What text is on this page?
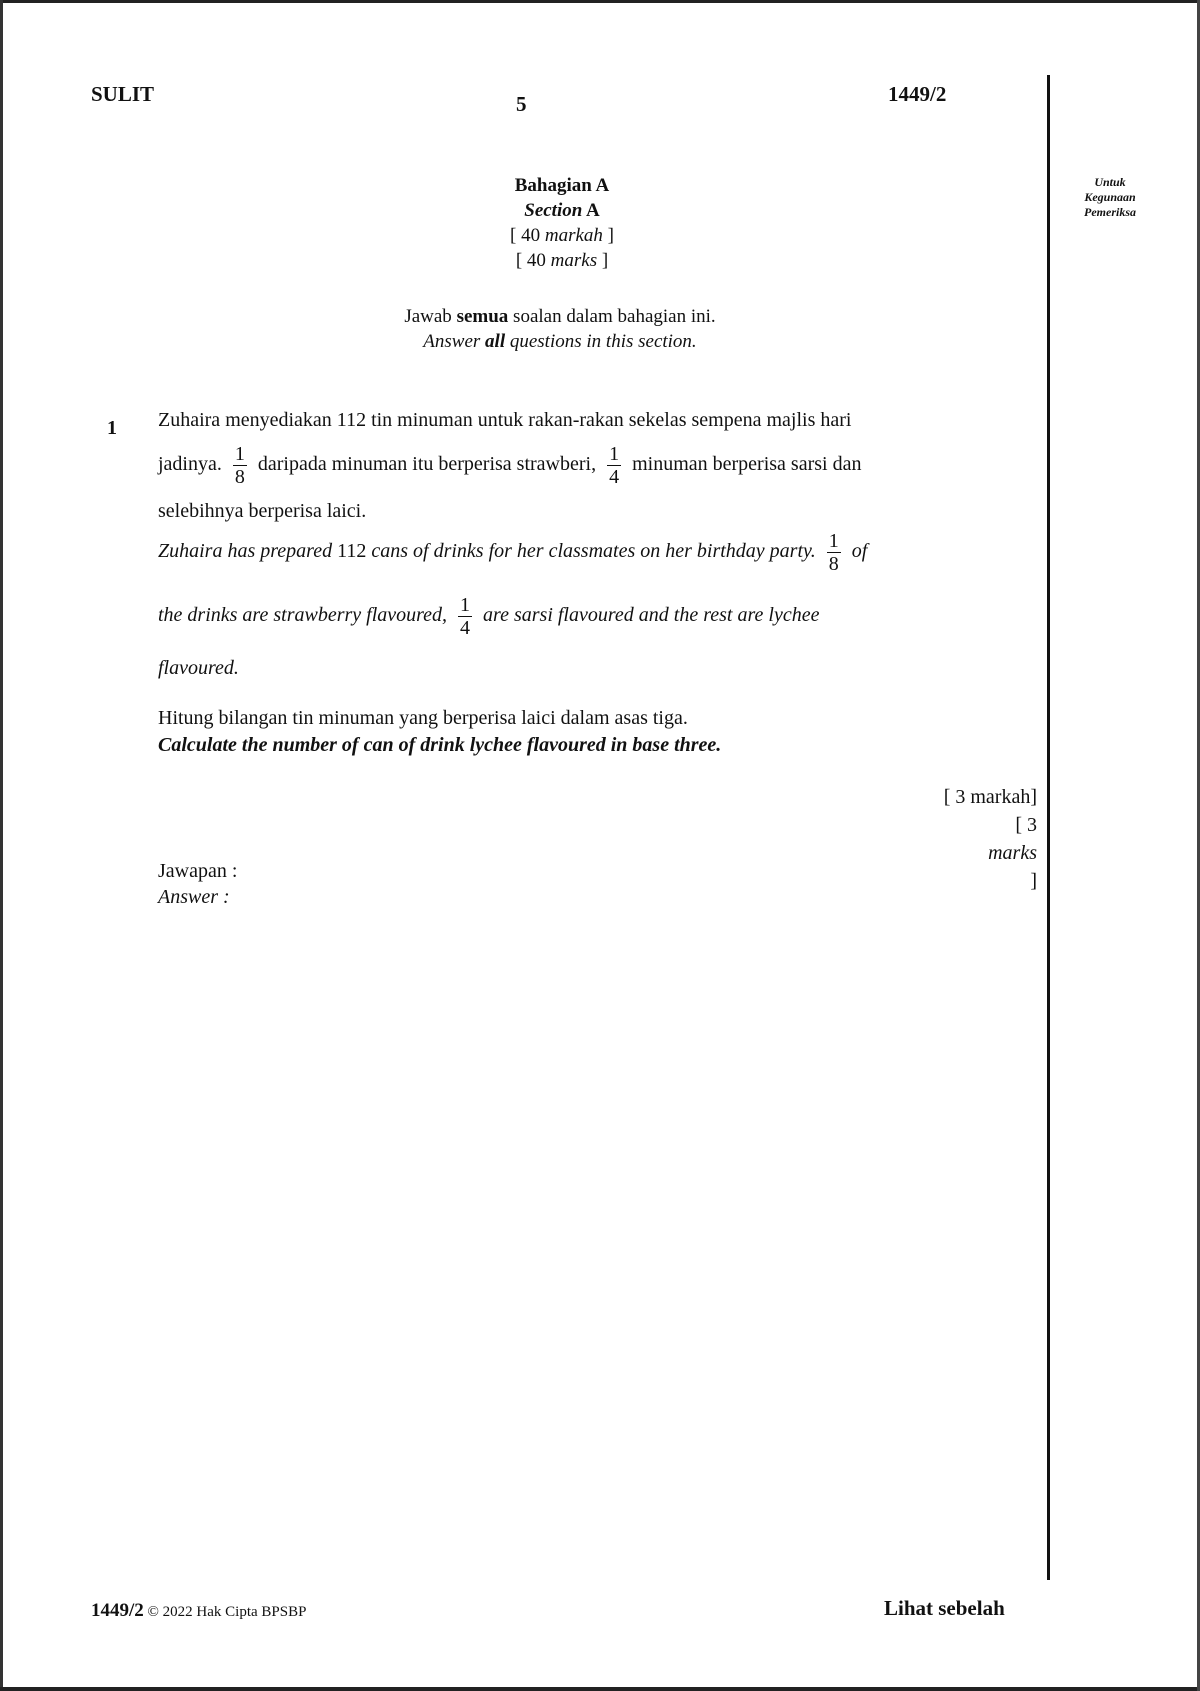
SULIT	5	1449/2
Untuk
Kegunaan
Pemeriksa
Bahagian A
Section A
[ 40 markah ]
[ 40 marks ]
Jawab semua soalan dalam bahagian ini.
Answer all questions in this section.
1 Zuhaira menyediakan 112 tin minuman untuk rakan-rakan sekelas sempena majlis hari
jadinya. $\frac{1}{8}$ daripada minuman itu berperisa strawberi, $\frac{1}{4}$ minuman berperisa sarsi dan
selebihnya berperisa laici.
Zuhaira has prepared 112 cans of drinks for her classmates on her birthday party. $\frac{1}{8}$ of
the drinks are strawberry flavoured, $\frac{1}{4}$ are sarsi flavoured and the rest are lychee
flavoured.
Hitung bilangan tin minuman yang berperisa laici dalam asas tiga.
Calculate the number of can of drink lychee flavoured in base three.
[ 3 markah]
[ 3
marks
]
Jawapan :
Answer :
1449/2 © 2022 Hak Cipta BPSBP	Lihat sebelah
